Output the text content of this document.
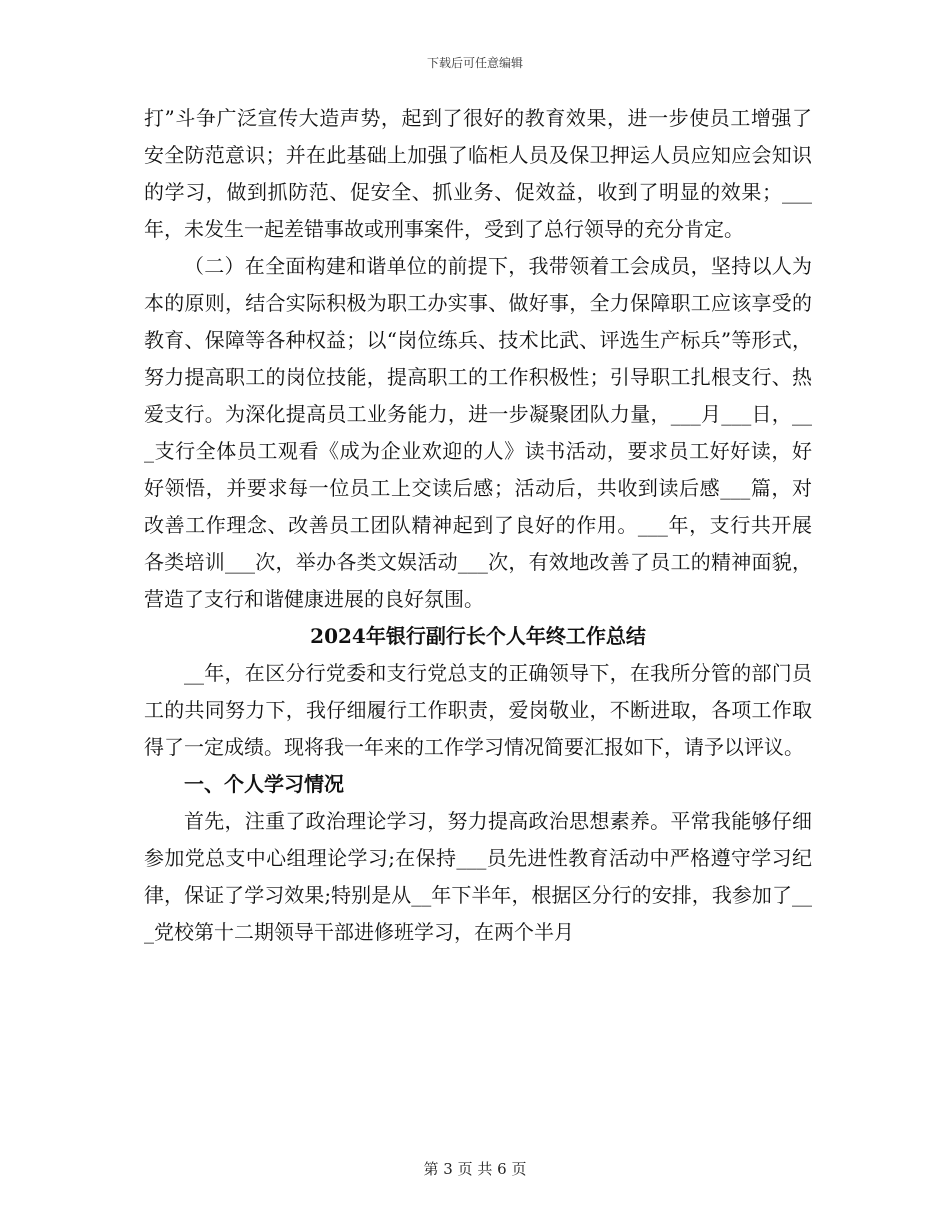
下载后可任意编辑

打”斗争广泛宣传大造声势，起到了很好的教育效果，进一步使员工增强了安全防范意识；并在此基础上加强了临柜人员及保卫押运人员应知应会知识的学习，做到抓防范、促安全、抓业务、促效益，收到了明显的效果；___年，未发生一起差错事故或刑事案件，受到了总行领导的充分肯定。

（二）在全面构建和谐单位的前提下，我带领着工会成员，坚持以人为本的原则，结合实际积极为职工办实事、做好事，全力保障职工应该享受的教育、保障等各种权益；以“岗位练兵、技术比武、评选生产标兵”等形式，努力提高职工的岗位技能，提高职工的工作积极性；引导职工扎根支行、热爱支行。为深化提高员工业务能力，进一步凝聚团队力量，___月___日，___支行全体员工观看《成为企业欢迎的人》读书活动，要求员工好好读，好好领悟，并要求每一位员工上交读后感；活动后，共收到读后感___篇，对改善工作理念、改善员工团队精神起到了良好的作用。___年，支行共开展各类培训___次，举办各类文娱活动___次，有效地改善了员工的精神面貌，营造了支行和谐健康进展的良好氛围。

2024年银行副行长个人年终工作总结

__年，在区分行党委和支行党总支的正确领导下，在我所分管的部门员工的共同努力下，我仔细履行工作职责，爱岗敬业，不断进取，各项工作取得了一定成绩。现将我一年来的工作学习情况简要汇报如下，请予以评议。

一、个人学习情况

首先，注重了政治理论学习，努力提高政治思想素养。平常我能够仔细参加党总支中心组理论学习;在保持___员先进性教育活动中严格遵守学习纪律，保证了学习效果;特别是从__年下半年，根据区分行的安排，我参加了___党校第十二期领导干部进修班学习，在两个半月

第 3 页 共 6 页
